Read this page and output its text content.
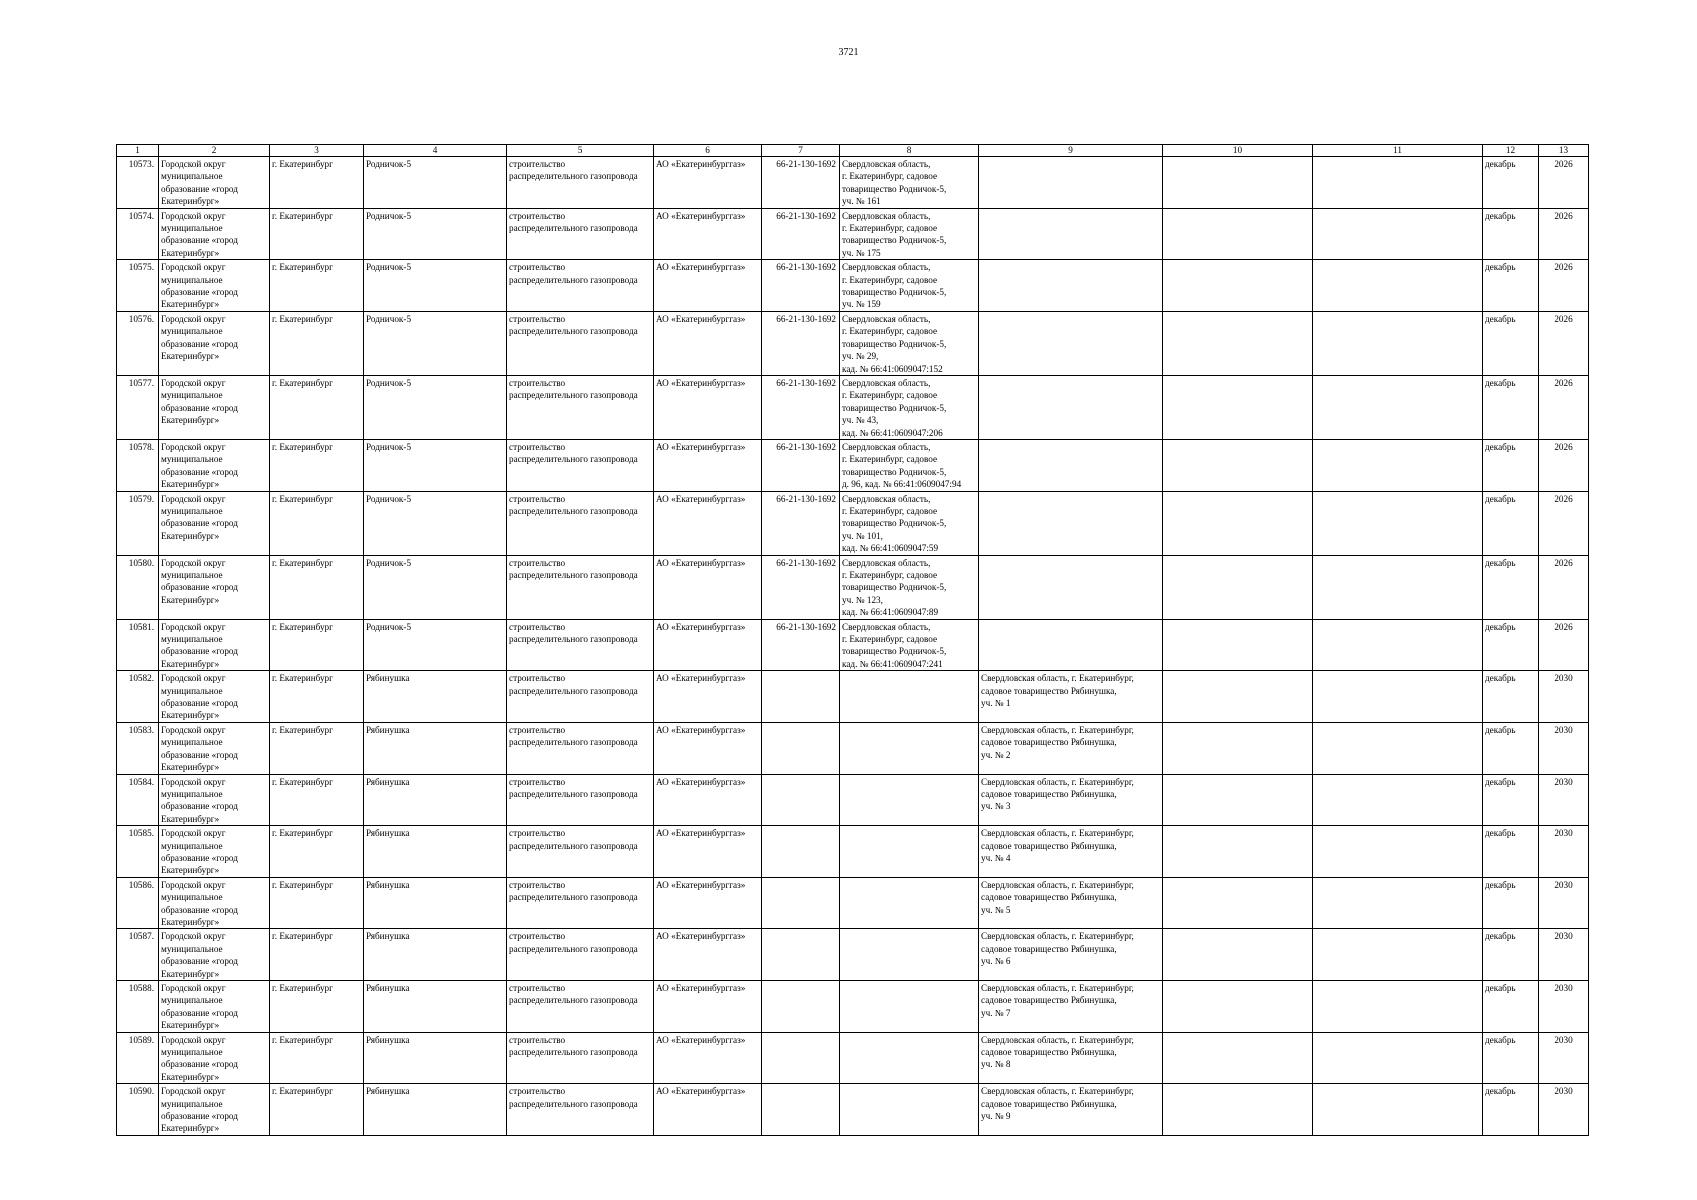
3721
1	2	3	4	5	6	7	8	9	10	11	12	13
10573.	Городской округ
муниципальное
образование «город
Екатеринбург»	г. Екатеринбург	Родничок-5	строительство
распределительного газопровода	АО «Екатеринбурггаз»	66-21-130-1692	Свердловская область,
г. Екатеринбург, садовое
товарищество Родничок-5,
уч. № 161				декабрь	2026
10574.	Городской округ
муниципальное
образование «город
Екатеринбург»	г. Екатеринбург	Родничок-5	строительство
распределительного газопровода	АО «Екатеринбурггаз»	66-21-130-1692	Свердловская область,
г. Екатеринбург, садовое
товарищество Родничок-5,
уч. № 175				декабрь	2026
10575.	Городской округ
муниципальное
образование «город
Екатеринбург»	г. Екатеринбург	Родничок-5	строительство
распределительного газопровода	АО «Екатеринбурггаз»	66-21-130-1692	Свердловская область,
г. Екатеринбург, садовое
товарищество Родничок-5,
уч. № 159				декабрь	2026
10576.	Городской округ
муниципальное
образование «город
Екатеринбург»	г. Екатеринбург	Родничок-5	строительство
распределительного газопровода	АО «Екатеринбурггаз»	66-21-130-1692	Свердловская область,
г. Екатеринбург, садовое
товарищество Родничок-5,
уч. № 29,
кад. № 66:41:0609047:152				декабрь	2026
10577.	Городской округ
муниципальное
образование «город
Екатеринбург»	г. Екатеринбург	Родничок-5	строительство
распределительного газопровода	АО «Екатеринбурггаз»	66-21-130-1692	Свердловская область,
г. Екатеринбург, садовое
товарищество Родничок-5,
уч. № 43,
кад. № 66:41:0609047:206				декабрь	2026
10578.	Городской округ
муниципальное
образование «город
Екатеринбург»	г. Екатеринбург	Родничок-5	строительство
распределительного газопровода	АО «Екатеринбурггаз»	66-21-130-1692	Свердловская область,
г. Екатеринбург, садовое
товарищество Родничок-5,
д. 96, кад. № 66:41:0609047:94				декабрь	2026
10579.	Городской округ
муниципальное
образование «город
Екатеринбург»	г. Екатеринбург	Родничок-5	строительство
распределительного газопровода	АО «Екатеринбурггаз»	66-21-130-1692	Свердловская область,
г. Екатеринбург, садовое
товарищество Родничок-5,
уч. № 101,
кад. № 66:41:0609047:59				декабрь	2026
10580.	Городской округ
муниципальное
образование «город
Екатеринбург»	г. Екатеринбург	Родничок-5	строительство
распределительного газопровода	АО «Екатеринбурггаз»	66-21-130-1692	Свердловская область,
г. Екатеринбург, садовое
товарищество Родничок-5,
уч. № 123,
кад. № 66:41:0609047:89				декабрь	2026
10581.	Городской округ
муниципальное
образование «город
Екатеринбург»	г. Екатеринбург	Родничок-5	строительство
распределительного газопровода	АО «Екатеринбурггаз»	66-21-130-1692	Свердловская область,
г. Екатеринбург, садовое
товарищество Родничок-5,
кад. № 66:41:0609047:241				декабрь	2026
10582.	Городской округ
муниципальное
образование «город
Екатеринбург»	г. Екатеринбург	Рябинушка	строительство
распределительного газопровода	АО «Екатеринбурггаз»			Свердловская область, г. Екатеринбург,
садовое товарищество Рябинушка,
уч. № 1			декабрь	2030
10583.	Городской округ
муниципальное
образование «город
Екатеринбург»	г. Екатеринбург	Рябинушка	строительство
распределительного газопровода	АО «Екатеринбурггаз»			Свердловская область, г. Екатеринбург,
садовое товарищество Рябинушка,
уч. № 2			декабрь	2030
10584.	Городской округ
муниципальное
образование «город
Екатеринбург»	г. Екатеринбург	Рябинушка	строительство
распределительного газопровода	АО «Екатеринбурггаз»			Свердловская область, г. Екатеринбург,
садовое товарищество Рябинушка,
уч. № 3			декабрь	2030
10585.	Городской округ
муниципальное
образование «город
Екатеринбург»	г. Екатеринбург	Рябинушка	строительство
распределительного газопровода	АО «Екатеринбурггаз»			Свердловская область, г. Екатеринбург,
садовое товарищество Рябинушка,
уч. № 4			декабрь	2030
10586.	Городской округ
муниципальное
образование «город
Екатеринбург»	г. Екатеринбург	Рябинушка	строительство
распределительного газопровода	АО «Екатеринбурггаз»			Свердловская область, г. Екатеринбург,
садовое товарищество Рябинушка,
уч. № 5			декабрь	2030
10587.	Городской округ
муниципальное
образование «город
Екатеринбург»	г. Екатеринбург	Рябинушка	строительство
распределительного газопровода	АО «Екатеринбурггаз»			Свердловская область, г. Екатеринбург,
садовое товарищество Рябинушка,
уч. № 6			декабрь	2030
10588.	Городской округ
муниципальное
образование «город
Екатеринбург»	г. Екатеринбург	Рябинушка	строительство
распределительного газопровода	АО «Екатеринбурггаз»			Свердловская область, г. Екатеринбург,
садовое товарищество Рябинушка,
уч. № 7			декабрь	2030
10589.	Городской округ
муниципальное
образование «город
Екатеринбург»	г. Екатеринбург	Рябинушка	строительство
распределительного газопровода	АО «Екатеринбурггаз»			Свердловская область, г. Екатеринбург,
садовое товарищество Рябинушка,
уч. № 8			декабрь	2030
10590.	Городской округ
муниципальное
образование «город
Екатеринбург»	г. Екатеринбург	Рябинушка	строительство
распределительного газопровода	АО «Екатеринбурггаз»			Свердловская область, г. Екатеринбург,
садовое товарищество Рябинушка,
уч. № 9			декабрь	2030
